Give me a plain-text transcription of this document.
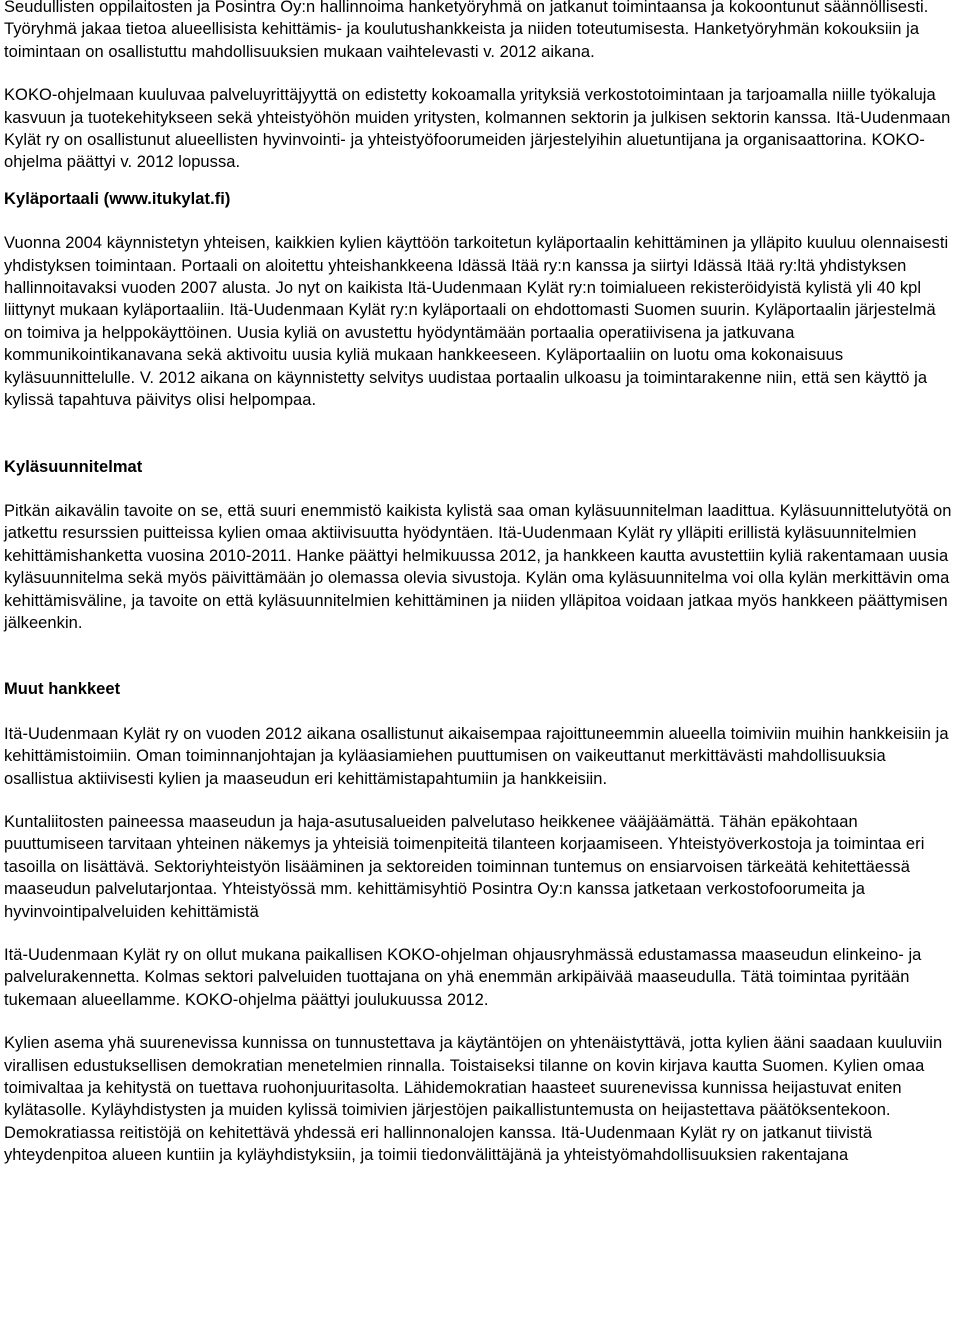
Seudullisten oppilaitosten ja Posintra Oy:n hallinnoima hanketyöryhmä on jatkanut toimintaansa ja kokoontunut säännöllisesti. Työryhmä jakaa tietoa alueellisista kehittämis- ja koulutushankkeista ja niiden toteutumisesta. Hanketyöryhmän kokouksiin ja toimintaan on osallistuttu mahdollisuuksien mukaan vaihtelevasti v. 2012 aikana.

KOKO-ohjelmaan kuuluvaa palveluyrittäjyyttä on edistetty kokoamalla yrityksiä verkostotoimintaan ja tarjoamalla niille työkaluja kasvuun ja tuotekehitykseen sekä yhteistyöhön muiden yritysten, kolmannen sektorin ja julkisen sektorin kanssa. Itä-Uudenmaan Kylät ry on osallistunut alueellisten hyvinvointi- ja yhteistyöfoorumeiden järjestelyihin aluetuntijana ja organisaattorina. KOKO-ohjelma päättyi v. 2012 lopussa.

Kyläportaali (www.itukylat.fi)

Vuonna 2004 käynnistetyn yhteisen, kaikkien kylien käyttöön tarkoitetun kyläportaalin kehittäminen ja ylläpito kuuluu olennaisesti yhdistyksen toimintaan. Portaali on aloitettu yhteishankkeena Idässä Itää ry:n kanssa ja siirtyi Idässä Itää ry:ltä yhdistyksen hallinnoitavaksi vuoden 2007 alusta. Jo nyt on kaikista Itä-Uudenmaan Kylät ry:n toimialueen rekisteröidyistä kylistä yli 40 kpl liittynyt mukaan kyläportaaliin. Itä-Uudenmaan Kylät ry:n kyläportaali on ehdottomasti Suomen suurin. Kyläportaalin järjestelmä on toimiva ja helppokäyttöinen. Uusia kyliä on avustettu hyödyntämään portaalia operatiivisena ja jatkuvana kommunikointikanavana sekä aktivoitu uusia kyliä mukaan hankkeeseen. Kyläportaaliin on luotu oma kokonaisuus kyläsuunnittelulle. V. 2012 aikana on käynnistetty selvitys uudistaa portaalin ulkoasu ja toimintarakenne niin, että sen käyttö ja kylissä tapahtuva päivitys olisi helpompaa.

Kyläsuunnitelmat

Pitkän aikavälin tavoite on se, että suuri enemmistö kaikista kylistä saa oman kyläsuunnitelman laadittua. Kyläsuunnittelutyötä on jatkettu resurssien puitteissa kylien omaa aktiivisuutta hyödyntäen. Itä-Uudenmaan Kylät ry ylläpiti erillistä kyläsuunnitelmien kehittämishanketta vuosina 2010-2011. Hanke päättyi helmikuussa 2012, ja hankkeen kautta avustettiin kyliä rakentamaan uusia kyläsuunnitelma sekä myös päivittämään jo olemassa olevia sivustoja. Kylän oma kyläsuunnitelma voi olla kylän merkittävin oma kehittämisväline, ja tavoite on että kyläsuunnitelmien kehittäminen ja niiden ylläpitoa voidaan jatkaa myös hankkeen päättymisen jälkeenkin.

Muut hankkeet

Itä-Uudenmaan Kylät ry on vuoden 2012 aikana osallistunut aikaisempaa rajoittuneemmin alueella toimiviin muihin hankkeisiin ja kehittämistoimiin. Oman toiminnanjohtajan ja kyläasiamiehen puuttumisen on vaikeuttanut merkittävästi mahdollisuuksia osallistua aktiivisesti kylien ja maaseudun eri kehittämistapahtumiin ja hankkeisiin.

Kuntaliitosten paineessa maaseudun ja haja-asutusalueiden palvelutaso heikkenee vääjäämättä. Tähän epäkohtaan puuttumiseen tarvitaan yhteinen näkemys ja yhteisiä toimenpiteitä tilanteen korjaamiseen. Yhteistyöverkostoja ja toimintaa eri tasoilla on lisättävä. Sektoriyhteistyön lisääminen ja sektoreiden toiminnan tuntemus on ensiarvoisen tärkeätä kehitettäessä maaseudun palvelutarjontaa. Yhteistyössä mm. kehittämisyhtiö Posintra Oy:n kanssa jatketaan verkostofoorumeita ja hyvinvointipalveluiden kehittämistä

Itä-Uudenmaan Kylät ry on ollut mukana paikallisen KOKO-ohjelman ohjausryhmässä edustamassa maaseudun elinkeino- ja palvelurakennetta. Kolmas sektori palveluiden tuottajana on yhä enemmän arkipäivää maaseudulla. Tätä toimintaa pyritään tukemaan alueellamme. KOKO-ohjelma päättyi joulukuussa 2012.

Kylien asema yhä suurenevissa kunnissa on tunnustettava ja käytäntöjen on yhtenäistyttävä, jotta kylien ääni saadaan kuuluviin virallisen edustuksellisen demokratian menetelmien rinnalla. Toistaiseksi tilanne on kovin kirjava kautta Suomen. Kylien omaa toimivaltaa ja kehitystä on tuettava ruohonjuuritasolta. Lähidemokratian haasteet suurenevissa kunnissa heijastuvat eniten kylätasolle. Kyläyhdistysten ja muiden kylissä toimivien järjestöjen paikallistuntemusta on heijastettava päätöksentekoon. Demokratiassa reitistöjä on kehitettävä yhdessä eri hallinnonalojen kanssa. Itä-Uudenmaan Kylät ry on jatkanut tiivistä yhteydenpitoa alueen kuntiin ja kyläyhdistyksiin, ja toimii tiedonvälittäjänä ja yhteistyömahdollisuuksien rakentajana
